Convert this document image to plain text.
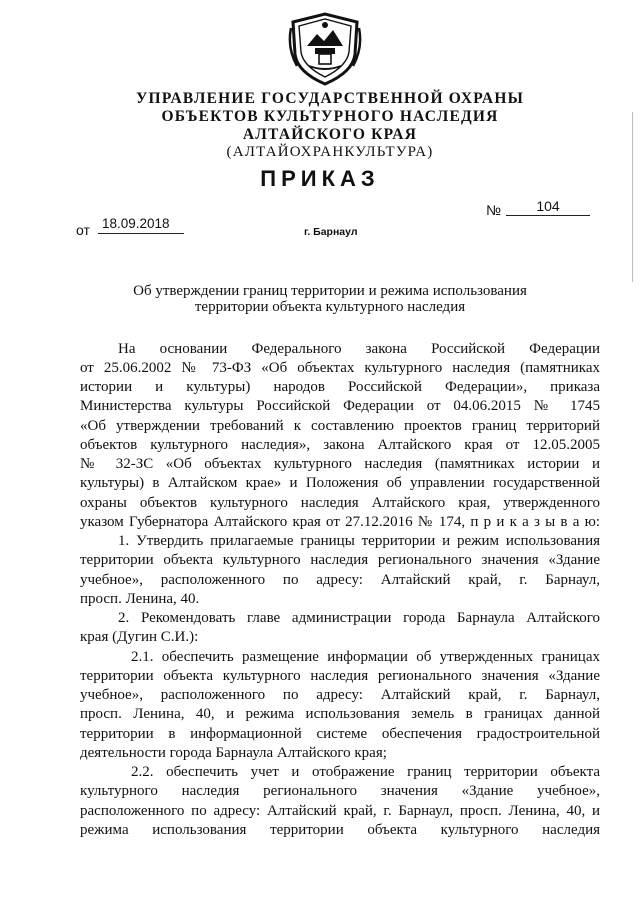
УПРАВЛЕНИЕ ГОСУДАРСТВЕННОЙ ОХРАНЫ
ОБЪЕКТОВ КУЛЬТУРНОГО НАСЛЕДИЯ
АЛТАЙСКОГО КРАЯ
(АЛТАЙОХРАНКУЛЬТУРА)
ПРИКАЗ
№	104
от 18.09.2018
г. Барнаул
Об утверждении границ территории и режима использования
территории объекта культурного наследия
На основании Федерального закона Российской Федерации
от 25.06.2002 № 73-ФЗ «Об объектах культурного наследия (памятниках
истории и культуры) народов Российской Федерации», приказа
Министерства культуры Российской Федерации от 04.06.2015 № 1745
«Об утверждении требований к составлению проектов границ территорий
объектов культурного наследия», закона Алтайского края от 12.05.2005
№ 32-ЗС «Об объектах культурного наследия (памятниках истории и
культуры) в Алтайском крае» и Положения об управлении государственной
охраны объектов культурного наследия Алтайского края, утвержденного
указом Губернатора Алтайского края от 27.12.2016 № 174, п р и к а з ы в а ю:
1. Утвердить прилагаемые границы территории и режим использования
территории объекта культурного наследия регионального значения «Здание
учебное», расположенного по адресу: Алтайский край, г. Барнаул,
просп. Ленина, 40.
2. Рекомендовать главе администрации города Барнаула Алтайского
края (Дугин С.И.):
2.1. обеспечить размещение информации об утвержденных границах
территории объекта культурного наследия регионального значения «Здание
учебное», расположенного по адресу: Алтайский край, г. Барнаул,
просп. Ленина, 40, и режима использования земель в границах данной
территории в информационной системе обеспечения градостроительной
деятельности города Барнаула Алтайского края;
2.2. обеспечить учет и отображение границ территории объекта
культурного наследия регионального значения «Здание учебное»,
расположенного по адресу: Алтайский край, г. Барнаул, просп. Ленина, 40, и
режима использования территории объекта культурного наследия
